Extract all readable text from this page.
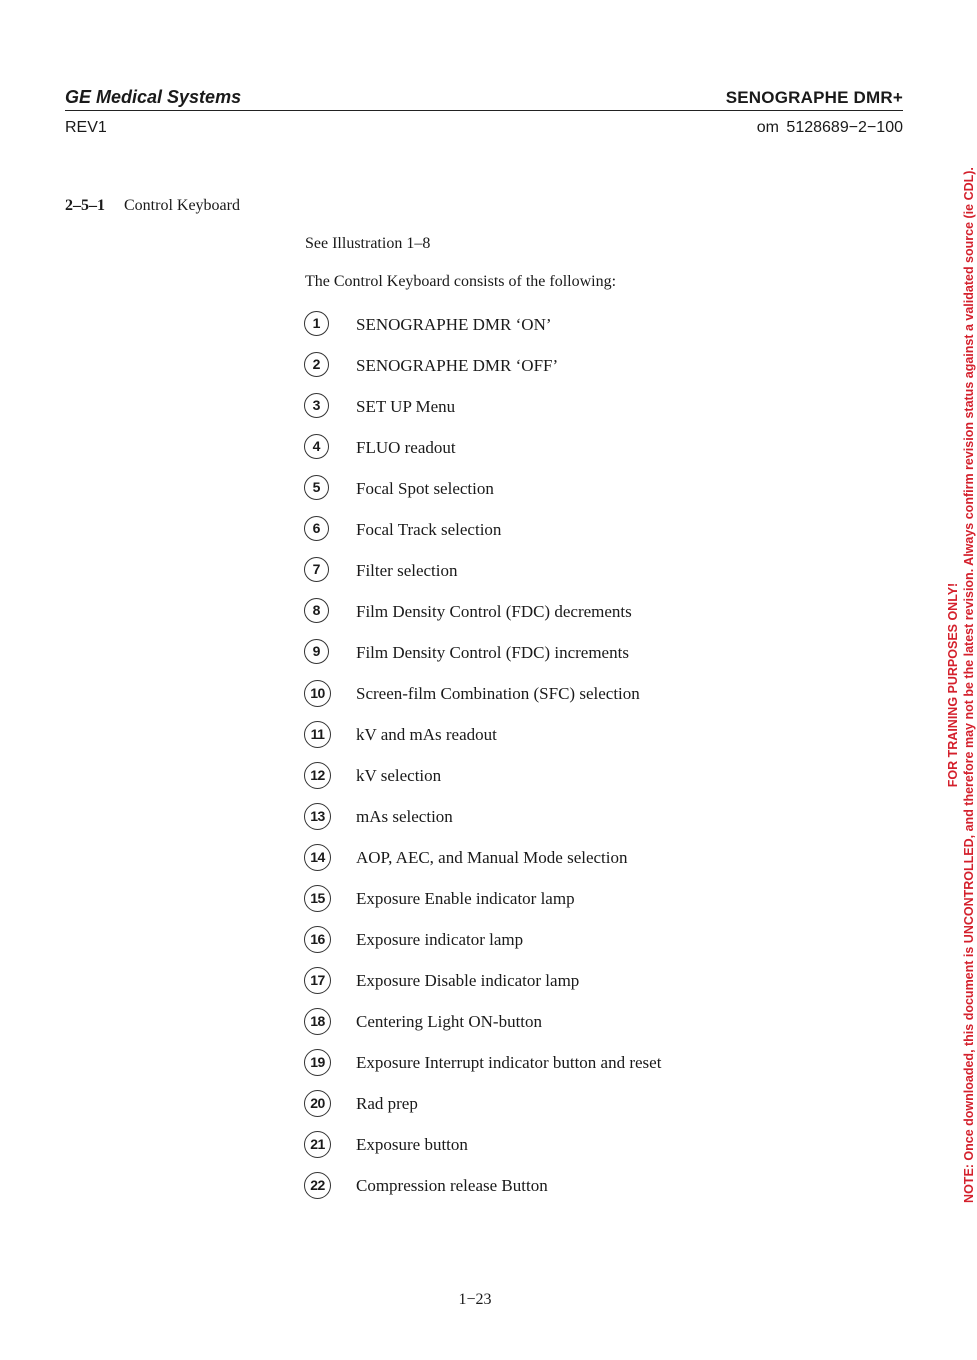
GE Medical Systems	SENOGRAPHE DMR+
REV1	om 5128689−2−100
2–5–1 Control Keyboard
See Illustration 1–8
The Control Keyboard consists of the following:
1	SENOGRAPHE DMR ‘ON’
2	SENOGRAPHE DMR ‘OFF’
3	SET UP Menu
4	FLUO readout
5	Focal Spot selection
6	Focal Track selection
7	Filter selection
8	Film Density Control (FDC) decrements
9	Film Density Control (FDC) increments
10	Screen-film Combination (SFC) selection
11	kV and mAs readout
12	kV selection
13	mAs selection
14	AOP, AEC, and Manual Mode selection
15	Exposure Enable indicator lamp
16	Exposure indicator lamp
17	Exposure Disable indicator lamp
18	Centering Light ON-button
19	Exposure Interrupt indicator button and reset
20	Rad prep
21	Exposure button
22	Compression release Button
1−23
FOR TRAINING PURPOSES ONLY! NOTE: Once downloaded, this document is UNCONTROLLED, and therefore may not be the latest revision. Always confirm revision status against a validated source (ie CDL).
